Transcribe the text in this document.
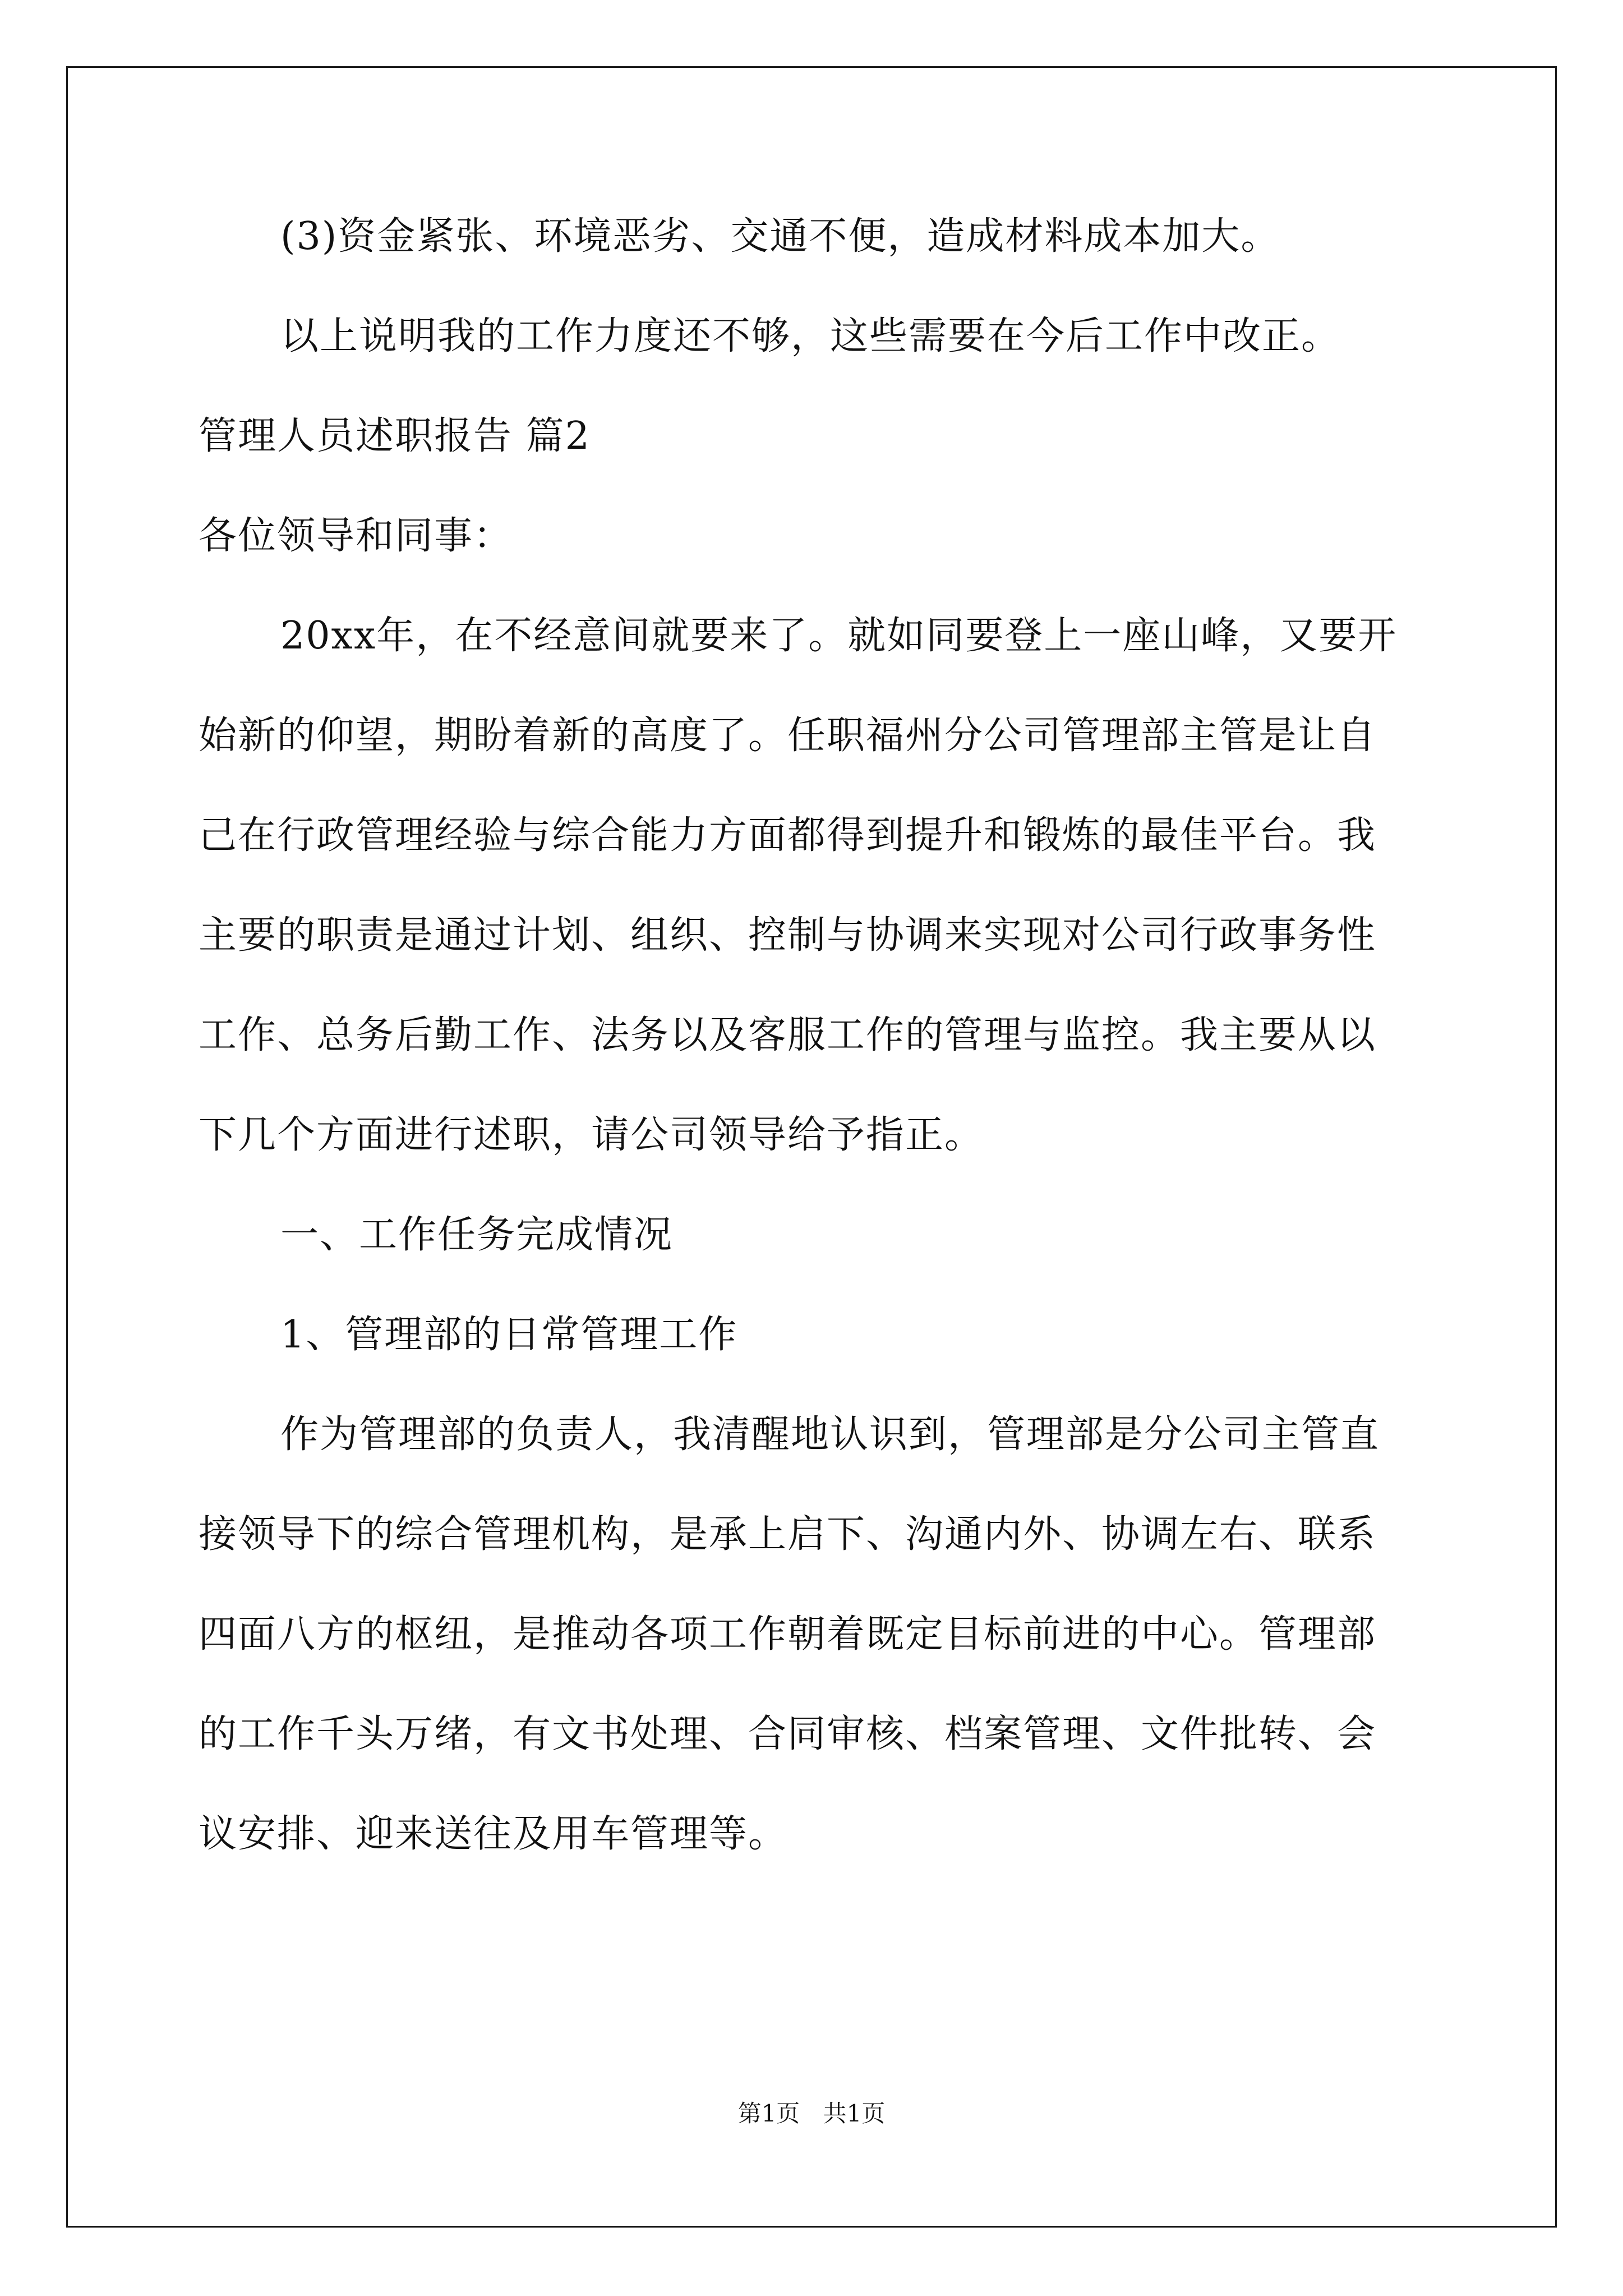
(3)资金紧张、环境恶劣、交通不便，造成材料成本加大。
以上说明我的工作力度还不够，这些需要在今后工作中改正。
管理人员述职报告 篇2
各位领导和同事：
20xx年，在不经意间就要来了。就如同要登上一座山峰，又要开
始新的仰望，期盼着新的高度了。任职福州分公司管理部主管是让自
己在行政管理经验与综合能力方面都得到提升和锻炼的最佳平台。我
主要的职责是通过计划、组织、控制与协调来实现对公司行政事务性
工作、总务后勤工作、法务以及客服工作的管理与监控。我主要从以
下几个方面进行述职，请公司领导给予指正。
一、工作任务完成情况
1、管理部的日常管理工作
作为管理部的负责人，我清醒地认识到，管理部是分公司主管直
接领导下的综合管理机构，是承上启下、沟通内外、协调左右、联系
四面八方的枢纽，是推动各项工作朝着既定目标前进的中心。管理部
的工作千头万绪，有文书处理、合同审核、档案管理、文件批转、会
议安排、迎来送往及用车管理等。
第1页 共1页
